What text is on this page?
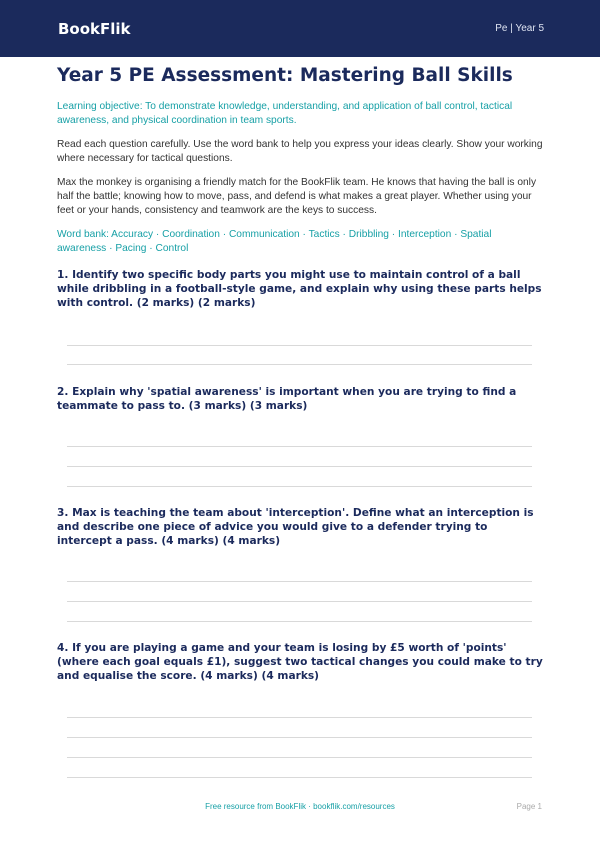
BookFlik	Pe | Year 5
Year 5 PE Assessment: Mastering Ball Skills
Learning objective: To demonstrate knowledge, understanding, and application of ball control, tactical awareness, and physical coordination in team sports.
Read each question carefully. Use the word bank to help you express your ideas clearly. Show your working where necessary for tactical questions.
Max the monkey is organising a friendly match for the BookFlik team. He knows that having the ball is only half the battle; knowing how to move, pass, and defend is what makes a great player. Whether using your feet or your hands, consistency and teamwork are the keys to success.
Word bank: Accuracy · Coordination · Communication · Tactics · Dribbling · Interception · Spatial awareness · Pacing · Control
1. Identify two specific body parts you might use to maintain control of a ball while dribbling in a football-style game, and explain why using these parts helps with control. (2 marks) (2 marks)
2. Explain why 'spatial awareness' is important when you are trying to find a teammate to pass to. (3 marks) (3 marks)
3. Max is teaching the team about 'interception'. Define what an interception is and describe one piece of advice you would give to a defender trying to intercept a pass. (4 marks) (4 marks)
4. If you are playing a game and your team is losing by £5 worth of 'points' (where each goal equals £1), suggest two tactical changes you could make to try and equalise the score. (4 marks) (4 marks)
Free resource from BookFlik · bookflik.com/resources	Page 1
